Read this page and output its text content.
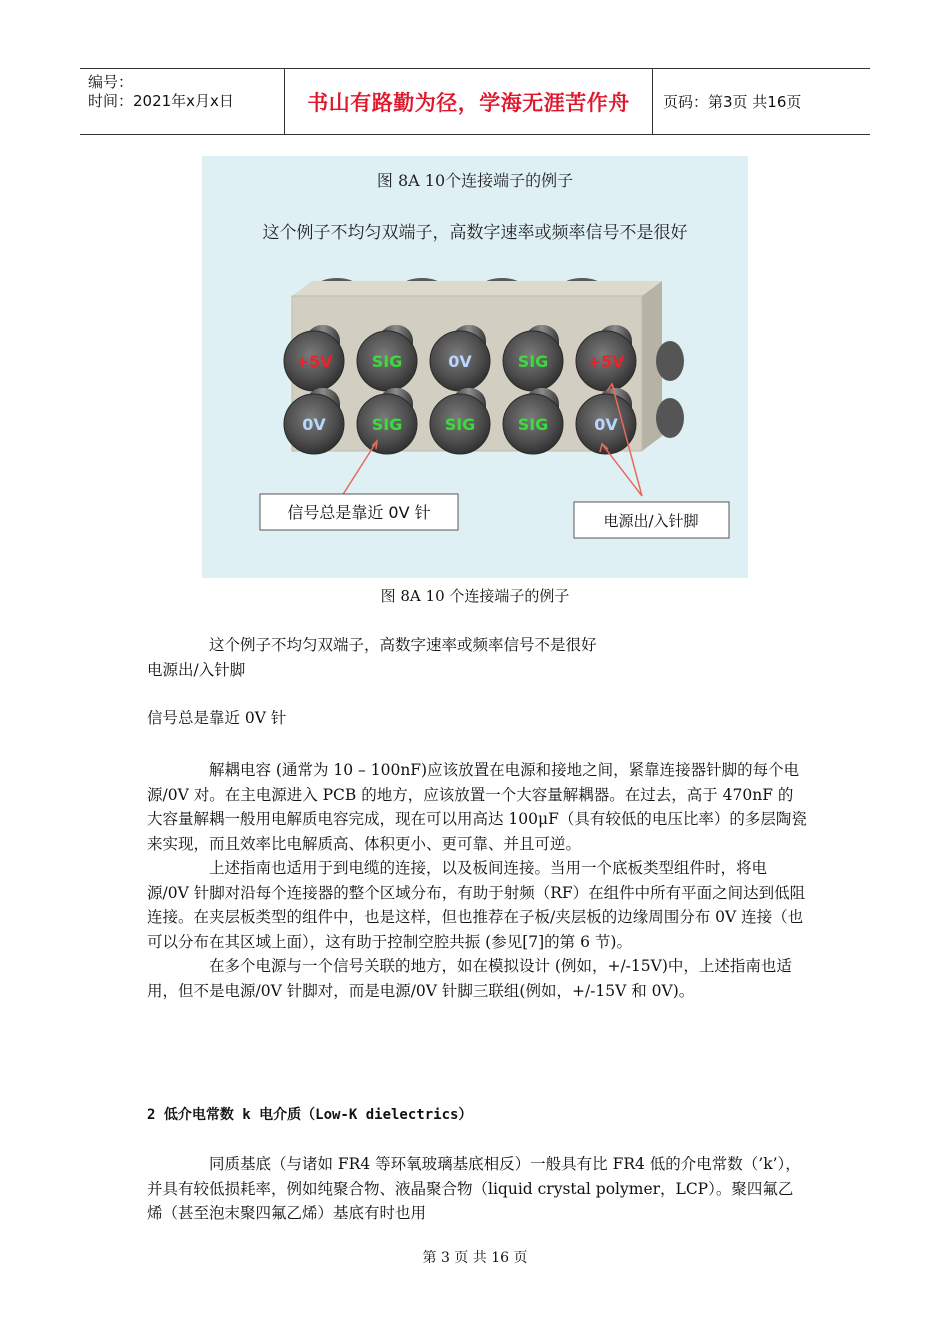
编号：
时间：2021年x月x日	书山有路勤为径，学海无涯苦作舟 页码：第3页 共16页
图 8A 10个连接端子的例子
这个例子不均匀双端子，高数字速率或频率信号不是很好
+5V SIG	0V	SIG +5V
0V	SIG	SIG	SIG	0V
信号总是靠近 0V 针	电源出/入针脚
图 8A 10 个连接端子的例子

这个例子不均匀双端子，高数字速率或频率信号不是很好

电源出/入针脚

信号总是靠近 0V 针

解耦电容 (通常为 10 – 100nF)应该放置在电源和接地之间，紧靠连接器针脚的每个电源/0V 对。在主电源进入 PCB 的地方，应该放置一个大容量解耦器。在过去，高于 470nF 的大容量解耦一般用电解质电容完成，现在可以用高达 100μF（具有较低的电压比率）的多层陶瓷来实现，而且效率比电解质高、体积更小、更可靠、并且可逆。

上述指南也适用于到电缆的连接，以及板间连接。当用一个底板类型组件时，将电源/0V 针脚对沿每个连接器的整个区域分布，有助于射频（RF）在组件中所有平面之间达到低阻连接。在夹层板类型的组件中，也是这样，但也推荐在子板/夹层板的边缘周围分布 0V 连接（也可以分布在其区域上面），这有助于控制空腔共振 (参见[7]的第 6 节)。

在多个电源与一个信号关联的地方，如在模拟设计 (例如，+/-15V)中，上述指南也适用，但不是电源/0V 针脚对，而是电源/0V 针脚三联组(例如，+/-15V 和 0V)。

2 低介电常数 k 电介质（Low-K dielectrics）

同质基底（与诸如 FR4 等环氧玻璃基底相反）一般具有比 FR4 低的介电常数（’k’），并具有较低损耗率，例如纯聚合物、液晶聚合物（liquid crystal polymer，LCP）。聚四氟乙烯（甚至泡末聚四氟乙烯）基底有时也用

第 3 页 共 16 页
